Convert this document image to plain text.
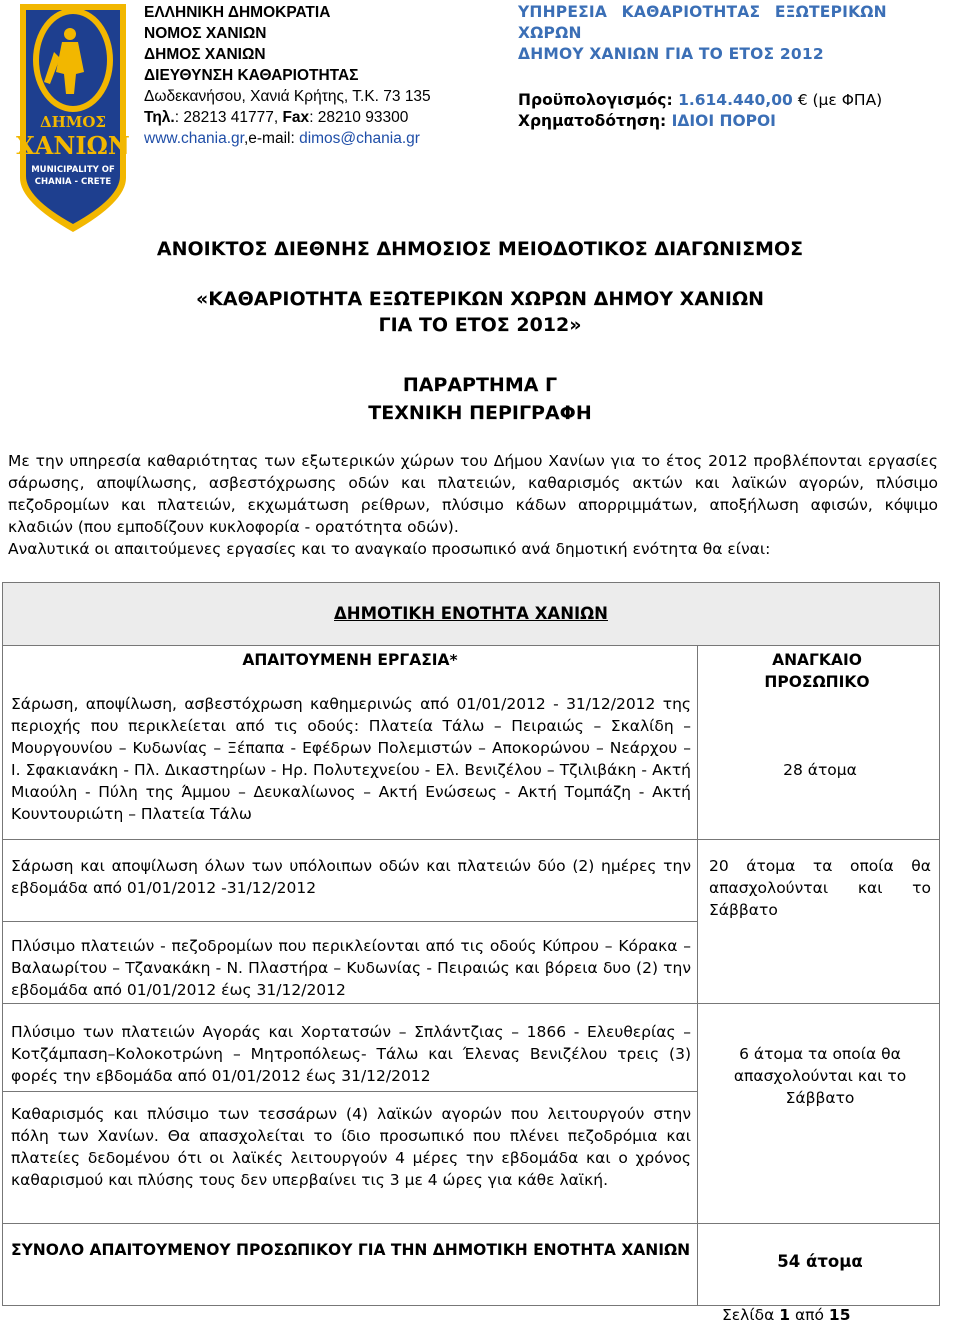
ΔΗΜΟΣ
ΧΑΝΙΩΝ
MUNICIPALITY OF
CHANIA - CRETE
ΕΛΛΗΝΙΚΗ ΔΗΜΟΚΡΑΤΙΑ
ΝΟΜΟΣ ΧΑΝΙΩΝ
ΔΗΜΟΣ ΧΑΝΙΩΝ
ΔΙΕΥΘΥΝΣΗ ΚΑΘΑΡΙΟΤΗΤΑΣ
Δωδεκανήσου, Χανιά Κρήτης, Τ.Κ. 73 135
Τηλ.: 28213 41777, Fax: 28210 93300
www.chania.gr,e-mail: dimos@chania.gr
ΥΠΗΡΕΣΙΑ ΚΑΘΑΡΙΟΤΗΤΑΣ ΕΞΩΤΕΡΙΚΩΝ ΧΩΡΩΝ
ΔΗΜΟΥ ΧΑΝΙΩΝ ΓΙΑ ΤΟ ΕΤΟΣ 2012
Προϋπολογισμός: 1.614.440,00 € (με ΦΠΑ)
Χρηματοδότηση: ΙΔΙΟΙ ΠΟΡΟΙ
ΑΝΟΙΚΤΟΣ ΔΙΕΘΝΗΣ ΔΗΜΟΣΙΟΣ ΜΕΙΟΔΟΤΙΚΟΣ ΔΙΑΓΩΝΙΣΜΟΣ
«ΚΑΘΑΡΙΟΤΗΤΑ ΕΞΩΤΕΡΙΚΩΝ ΧΩΡΩΝ ΔΗΜΟΥ ΧΑΝΙΩΝ
ΓΙΑ ΤΟ ΕΤΟΣ 2012»
ΠΑΡΑΡΤΗΜΑ Γ
ΤΕΧΝΙΚΗ ΠΕΡΙΓΡΑΦΗ

Με την υπηρεσία καθαριότητας των εξωτερικών χώρων του Δήμου Χανίων για το έτος 2012 προβλέπονται εργασίες σάρωσης, αποψίλωσης, ασβεστόχρωσης οδών και πλατειών, καθαρισμός ακτών και λαϊκών αγορών, πλύσιμο πεζοδρομίων και πλατειών, εκχωμάτωση ρείθρων, πλύσιμο κάδων απορριμμάτων, αποξήλωση αφισών, κόψιμο κλαδιών (που εμποδίζουν κυκλοφορία - ορατότητα οδών).

Αναλυτικά οι απαιτούμενες εργασίες και το αναγκαίο προσωπικό ανά δημοτική ενότητα θα είναι:

ΔΗΜΟΤΙΚΗ ΕΝΟΤΗΤΑ ΧΑΝΙΩΝ
ΑΠΑΙΤΟΥΜΕΝΗ ΕΡΓΑΣΙΑ*	ΑΝΑΓΚΑΙΟ ΠΡΟΣΩΠΙΚΟ
Σάρωση, αποψίλωση, ασβεστόχρωση καθημερινώς από 01/01/2012 - 31/12/2012 της περιοχής που περικλείεται από τις οδούς: Πλατεία Τάλω – Πειραιώς – Σκαλίδη – Μουργουνίου – Κυδωνίας – Ξέπαπα - Εφέδρων Πολεμιστών – Αποκορώνου – Νεάρχου – Ι. Σφακιανάκη - Πλ. Δικαστηρίων - Ηρ. Πολυτεχνείου - Ελ. Βενιζέλου – Τζιλιβάκη - Ακτή Μιαούλη - Πύλη της Άμμου – Δευκαλίωνος – Ακτή Ενώσεως - Ακτή Τομπάζη - Ακτή Κουντουριώτη – Πλατεία Τάλω
28 άτομα
Σάρωση και αποψίλωση όλων των υπόλοιπων οδών και πλατειών δύο (2) ημέρες την εβδομάδα από 01/01/2012 -31/12/2012
20 άτομα τα οποία θα απασχολούνται και το Σάββατο
Πλύσιμο πλατειών - πεζοδρομίων που περικλείονται από τις οδούς Κύπρου – Κόρακα – Βαλαωρίτου – Τζανακάκη - Ν. Πλαστήρα – Κυδωνίας - Πειραιώς και βόρεια δυο (2) την εβδομάδα από 01/01/2012 έως 31/12/2012
Πλύσιμο των πλατειών Αγοράς και Χορτατσών – Σπλάντζιας – 1866 - Ελευθερίας – Κοτζάμπαση–Κολοκοτρώνη – Μητροπόλεως- Τάλω και Έλενας Βενιζέλου τρεις (3) φορές την εβδομάδα από 01/01/2012 έως 31/12/2012
6 άτομα τα οποία θα απασχολούνται και το Σάββατο
Καθαρισμός και πλύσιμο των τεσσάρων (4) λαϊκών αγορών που λειτουργούν στην πόλη των Χανίων. Θα απασχολείται το ίδιο προσωπικό που πλένει πεζοδρόμια και πλατείες δεδομένου ότι οι λαϊκές λειτουργούν 4 μέρες την εβδομάδα και ο χρόνος καθαρισμού και πλύσης τους δεν υπερβαίνει τις 3 με 4 ώρες για κάθε λαϊκή.
ΣΥΝΟΛΟ ΑΠΑΙΤΟΥΜΕΝΟΥ ΠΡΟΣΩΠΙΚΟΥ ΓΙΑ ΤΗΝ ΔΗΜΟΤΙΚΗ ΕΝΟΤΗΤΑ ΧΑΝΙΩΝ
54 άτομα
Σελίδα 1 από 15
